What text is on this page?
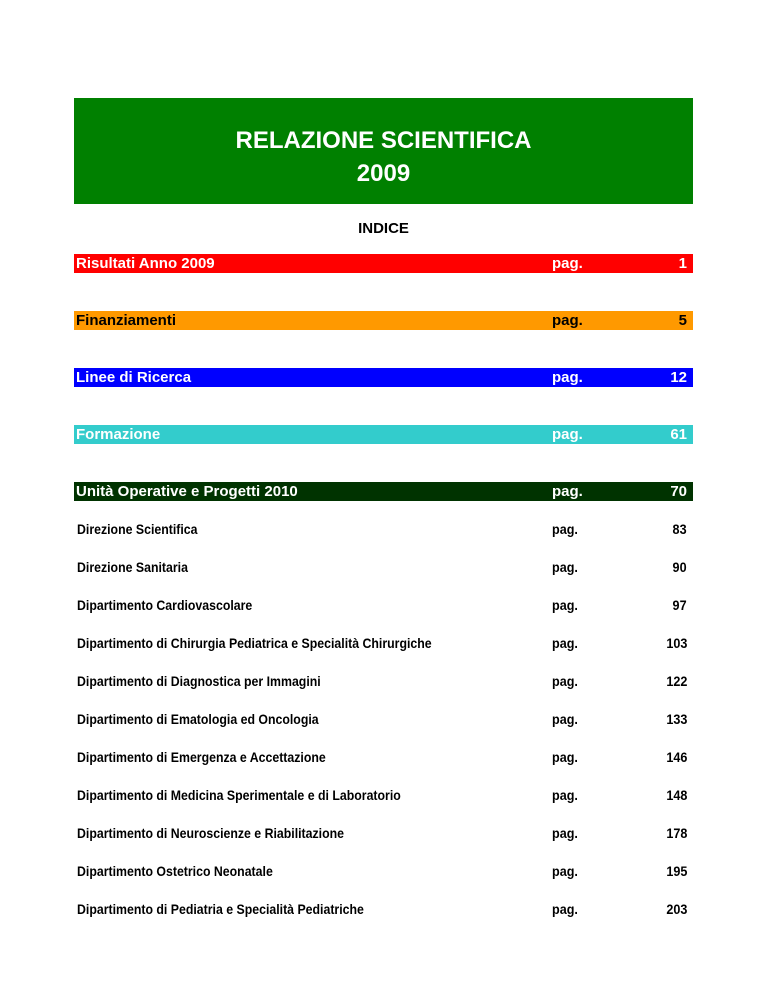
RELAZIONE SCIENTIFICA
2009
INDICE
Risultati Anno 2009	pag.	1
Finanziamenti	pag.	5
Linee di Ricerca	pag.	12
Formazione	pag.	61
Unità Operative e Progetti 2010	pag.	70
Direzione Scientifica	pag.	83
Direzione Sanitaria	pag.	90
Dipartimento Cardiovascolare	pag.	97
Dipartimento di Chirurgia Pediatrica e Specialità Chirurgiche	pag.	103
Dipartimento di Diagnostica per Immagini	pag.	122
Dipartimento di Ematologia ed Oncologia	pag.	133
Dipartimento di Emergenza e Accettazione	pag.	146
Dipartimento di Medicina Sperimentale e di Laboratorio	pag.	148
Dipartimento di Neuroscienze e Riabilitazione	pag.	178
Dipartimento Ostetrico Neonatale	pag.	195
Dipartimento di Pediatria e Specialità Pediatriche	pag.	203
